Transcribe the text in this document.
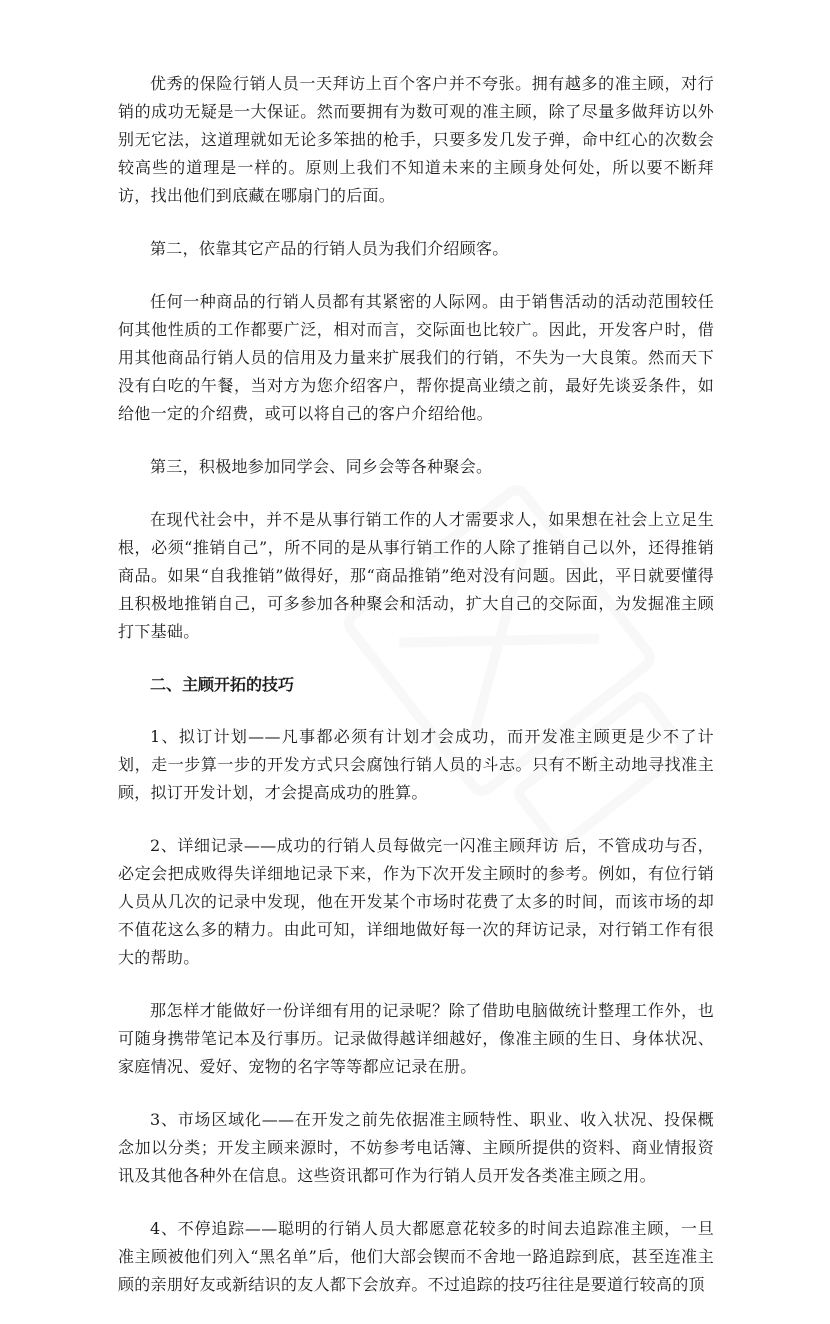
优秀的保险行销人员一天拜访上百个客户并不夸张。拥有越多的准主顾，对行销的成功无疑是一大保证。然而要拥有为数可观的准主顾，除了尽量多做拜访以外别无它法，这道理就如无论多笨拙的枪手，只要多发几发子弹，命中红心的次数会较高些的道理是一样的。原则上我们不知道未来的主顾身处何处，所以要不断拜访，找出他们到底藏在哪扇门的后面。

第二，依靠其它产品的行销人员为我们介绍顾客。

任何一种商品的行销人员都有其紧密的人际网。由于销售活动的活动范围较任何其他性质的工作都要广泛，相对而言，交际面也比较广。因此，开发客户时，借用其他商品行销人员的信用及力量来扩展我们的行销，不失为一大良策。然而天下没有白吃的午餐，当对方为您介绍客户，帮你提高业绩之前，最好先谈妥条件，如给他一定的介绍费，或可以将自己的客户介绍给他。

第三，积极地参加同学会、同乡会等各种聚会。

在现代社会中，并不是从事行销工作的人才需要求人，如果想在社会上立足生根，必须“推销自己”，所不同的是从事行销工作的人除了推销自己以外，还得推销商品。如果“自我推销”做得好，那“商品推销”绝对没有问题。因此，平日就要懂得且积极地推销自己，可多参加各种聚会和活动，扩大自己的交际面，为发掘准主顾打下基础。

二、主顾开拓的技巧

1、拟订计划——凡事都必须有计划才会成功，而开发准主顾更是少不了计划，走一步算一步的开发方式只会腐蚀行销人员的斗志。只有不断主动地寻找准主顾，拟订开发计划，才会提高成功的胜算。

2、详细记录——成功的行销人员每做完一闪准主顾拜访 后，不管成功与否，必定会把成败得失详细地记录下来，作为下次开发主顾时的参考。例如，有位行销人员从几次的记录中发现，他在开发某个市场时花费了太多的时间，而该市场的却不值花这么多的精力。由此可知，详细地做好每一次的拜访记录，对行销工作有很大的帮助。

那怎样才能做好一份详细有用的记录呢？除了借助电脑做统计整理工作外，也可随身携带笔记本及行事历。记录做得越详细越好，像准主顾的生日、身体状况、家庭情况、爱好、宠物的名字等等都应记录在册。

3、市场区域化——在开发之前先依据准主顾特性、职业、收入状况、投保概念加以分类；开发主顾来源时，不妨参考电话簿、主顾所提供的资料、商业情报资讯及其他各种外在信息。这些资讯都可作为行销人员开发各类准主顾之用。

4、不停追踪——聪明的行销人员大都愿意花较多的时间去追踪准主顾，一旦准主顾被他们列入“黑名单”后，他们大部会锲而不舍地一路追踪到底，甚至连准主顾的亲朋好友或新结识的友人都下会放弃。不过追踪的技巧往往是要道行较高的顶
